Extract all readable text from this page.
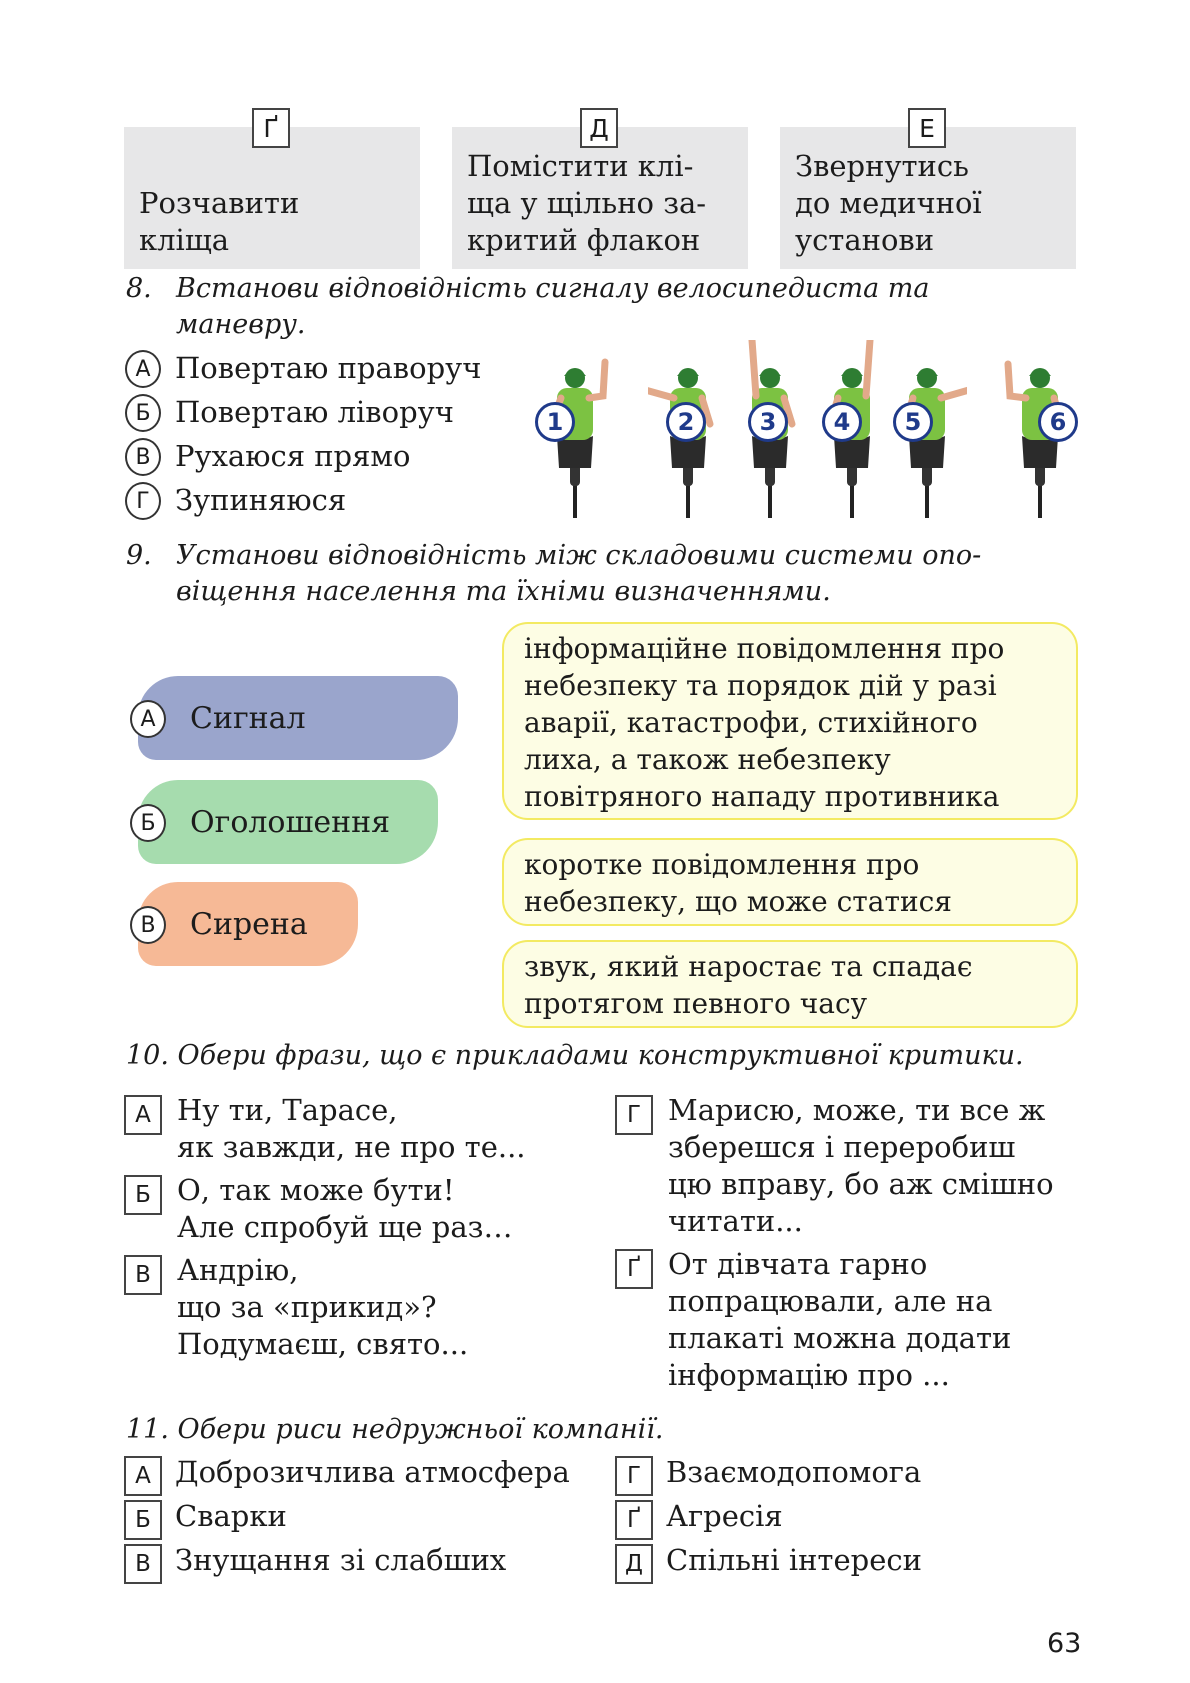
Ґ
Розчавити
кліща
Д
Помістити клі-
ща у щільно за-
критий флакон
Е
Звернутись
до медичної
установи
8. Встанови відповідність сигналу велосипедиста та
маневру.
А Повертаю праворуч
Б Повертаю ліворуч
В Рухаюся прямо
Г Зупиняюся
1	2	3	4	5	6
9. Установи відповідність між складовими системи опо-
віщення населення та їхніми визначеннями.
А	Сигнал
Б	Оголошення
В	Сирена
інформаційне повідомлення про
небезпеку та порядок дій у разі
аварії, катастрофи, стихійного
лиха, а також небезпеку
повітряного нападу противника
коротке повідомлення про
небезпеку, що може статися
звук, який наростає та спадає
протягом певного часу
10. Обери фрази, що є прикладами конструктивної критики.
А Ну ти, Тарасе,
як завжди, не про те...
Б О, так може бути!
Але спробуй ще раз…
В Андрію,
що за «прикид»?
Подумаєш, свято...
Г Марисю, може, ти все ж
зберешся і переробиш
цю вправу, бо аж смішно
читати...
Ґ От дівчата гарно
попрацювали, але на
плакаті можна додати
інформацію про ...
11. Обери риси недружньої компанії.
А Доброзичлива атмосфера
Б Сварки
В Знущання зі слабших
Г Взаємодопомога
Ґ Агресія
Д Спільні інтереси
63
